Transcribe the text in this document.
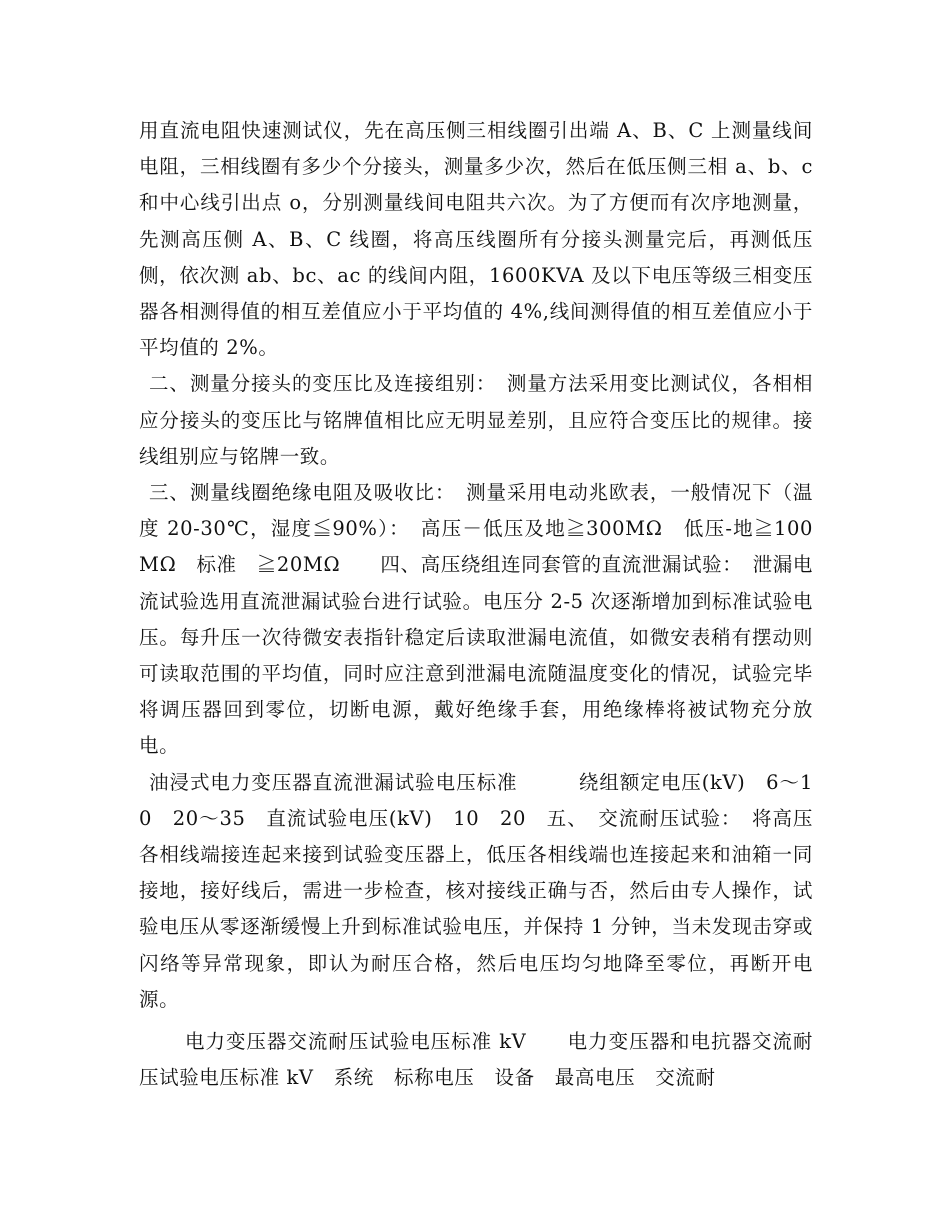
用直流电阻快速测试仪，先在高压侧三相线圈引出端 A、B、C 上测量线间电阻，三相线圈有多少个分接头，测量多少次，然后在低压侧三相 a、b、c 和中心线引出点 o，分别测量线间电阻共六次。为了方便而有次序地测量，先测高压侧 A、B、C 线圈，将高压线圈所有分接头测量完后，再测低压侧，依次测 ab、bc、ac 的线间内阻，1600KVA 及以下电压等级三相变压器各相测得值的相互差值应小于平均值的 4%,线间测得值的相互差值应小于平均值的 2%。

二、测量分接头的变压比及连接组别：　测量方法采用变比测试仪，各相相应分接头的变压比与铭牌值相比应无明显差别，且应符合变压比的规律。接线组别应与铭牌一致。

三、测量线圈绝缘电阻及吸收比：　测量采用电动兆欧表，一般情况下（温度 20-30℃，湿度≦90%）：　高压－低压及地≧300MΩ　低压-地≧100MΩ　标准　≧20MΩ　　四、高压绕组连同套管的直流泄漏试验：　泄漏电流试验选用直流泄漏试验台进行试验。电压分 2-5 次逐渐增加到标准试验电压。每升压一次待微安表指针稳定后读取泄漏电流值，如微安表稍有摆动则可读取范围的平均值，同时应注意到泄漏电流随温度变化的情况，试验完毕将调压器回到零位，切断电源，戴好绝缘手套，用绝缘棒将被试物充分放电。

油浸式电力变压器直流泄漏试验电压标准　　　绕组额定电压(kV)　6～10　20～35　直流试验电压(kV)　10　20　五、　交流耐压试验：　将高压各相线端接连起来接到试验变压器上，低压各相线端也连接起来和油箱一同接地，接好线后，需进一步检查，核对接线正确与否，然后由专人操作，试验电压从零逐渐缓慢上升到标准试验电压，并保持 1 分钟，当未发现击穿或闪络等异常现象，即认为耐压合格，然后电压均匀地降至零位，再断开电源。

电力变压器交流耐压试验电压标准 kV　　电力变压器和电抗器交流耐压试验电压标准 kV　系统　标称电压　设备　最高电压　交流耐
